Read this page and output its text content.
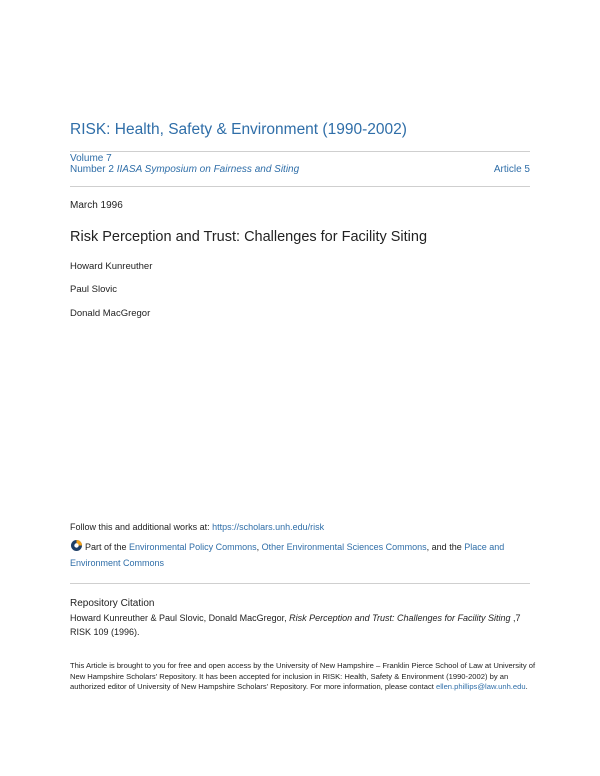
RISK: Health, Safety & Environment (1990-2002)
Volume 7
Number 2 IIASA Symposium on Fairness and Siting	Article 5
March 1996
Risk Perception and Trust: Challenges for Facility Siting
Howard Kunreuther
Paul Slovic
Donald MacGregor
Follow this and additional works at: https://scholars.unh.edu/risk
Part of the Environmental Policy Commons, Other Environmental Sciences Commons, and the Place and Environment Commons
Repository Citation
Howard Kunreuther & Paul Slovic, Donald MacGregor, Risk Perception and Trust: Challenges for Facility Siting ,7 RISK 109 (1996).
This Article is brought to you for free and open access by the University of New Hampshire – Franklin Pierce School of Law at University of New Hampshire Scholars' Repository. It has been accepted for inclusion in RISK: Health, Safety & Environment (1990-2002) by an authorized editor of University of New Hampshire Scholars' Repository. For more information, please contact ellen.phillips@law.unh.edu.
